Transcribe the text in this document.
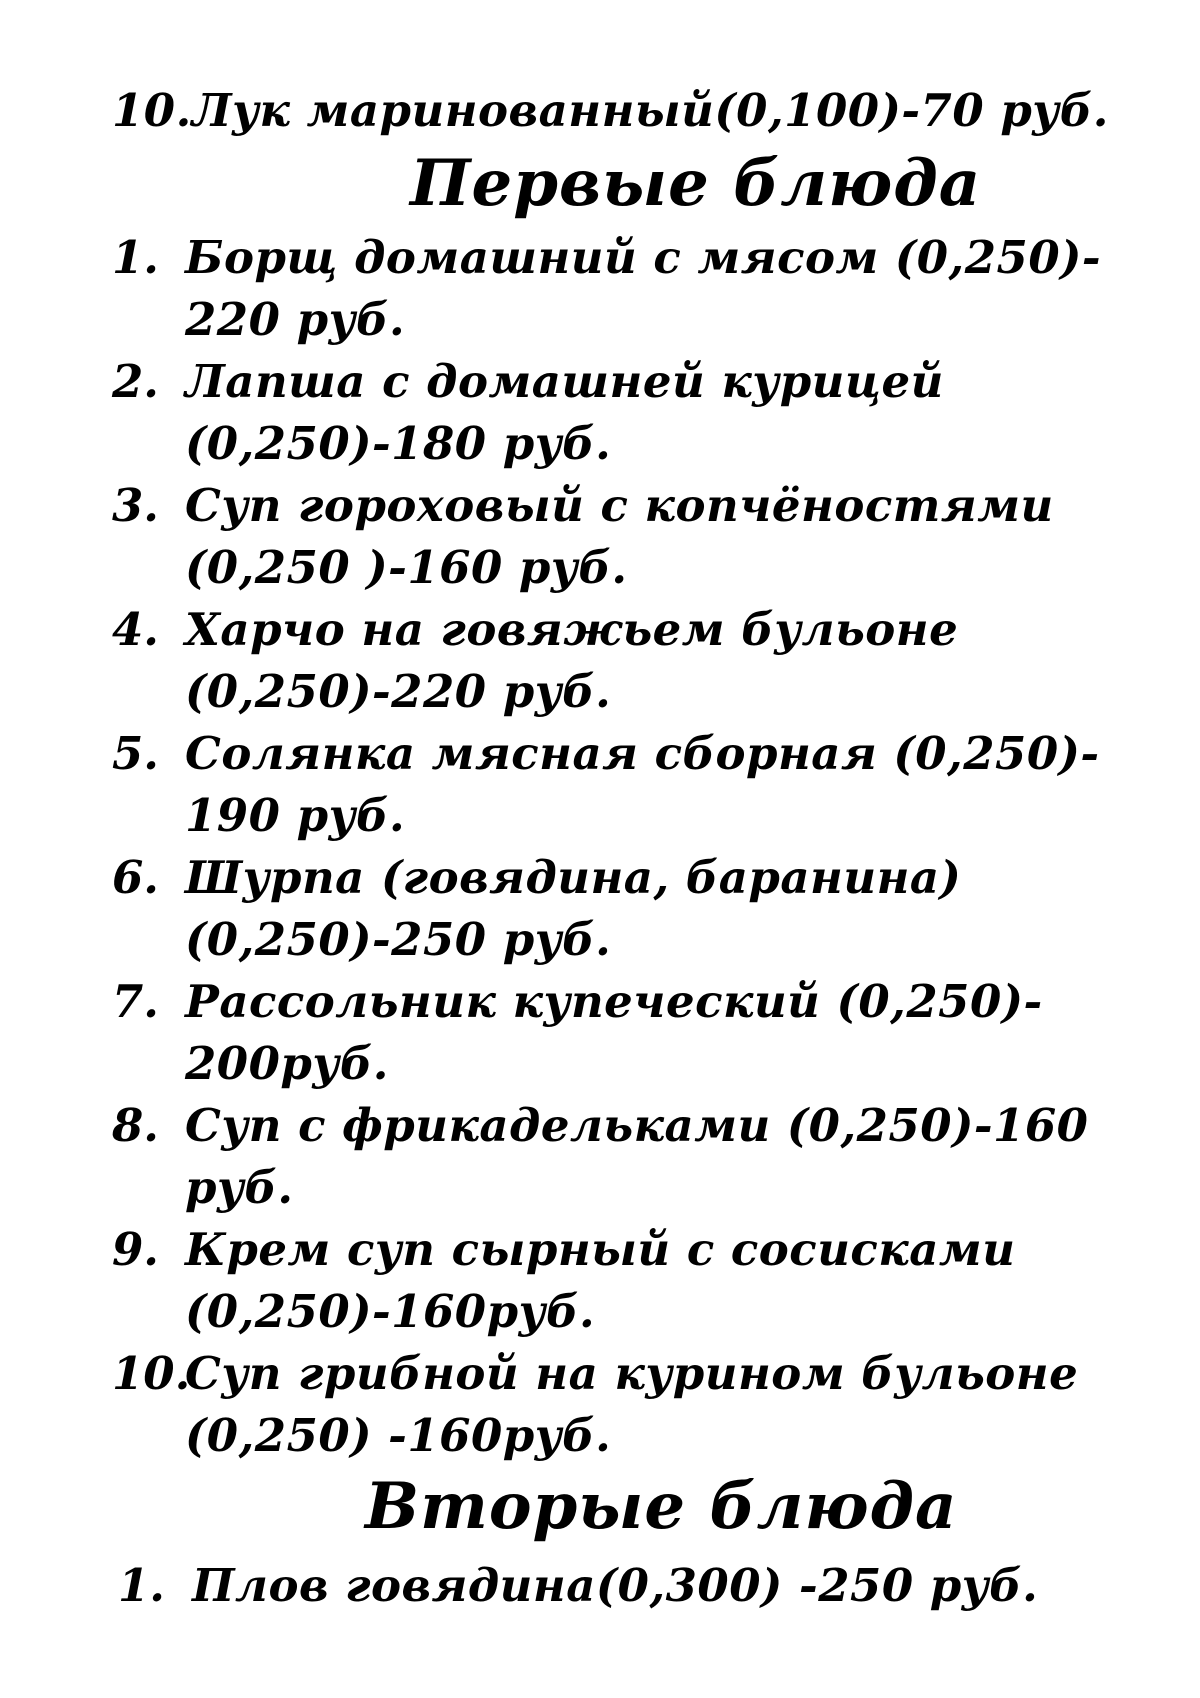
10.Лук маринованный(0,100)-70 руб.
Первые блюда
1. Борщ домашний с мясом (0,250)-
220 руб.
2. Лапша с домашней курицей
(0,250)-180 руб.
3. Суп гороховый с копчёностями
(0,250 )-160 руб.
4. Харчо на говяжьем бульоне
(0,250)-220 руб.
5. Солянка мясная сборная (0,250)-
190 руб.
6. Шурпа (говядина, баранина)
(0,250)-250 руб.
7. Рассольник купеческий (0,250)-
200руб.
8. Суп с фрикадельками (0,250)-160
руб.
9. Крем суп сырный с сосисками
(0,250)-160руб.
10.
Суп грибной на курином бульоне
(0,250) -160руб.
Вторые блюда
1. Плов говядина(0,300) -250 руб.
